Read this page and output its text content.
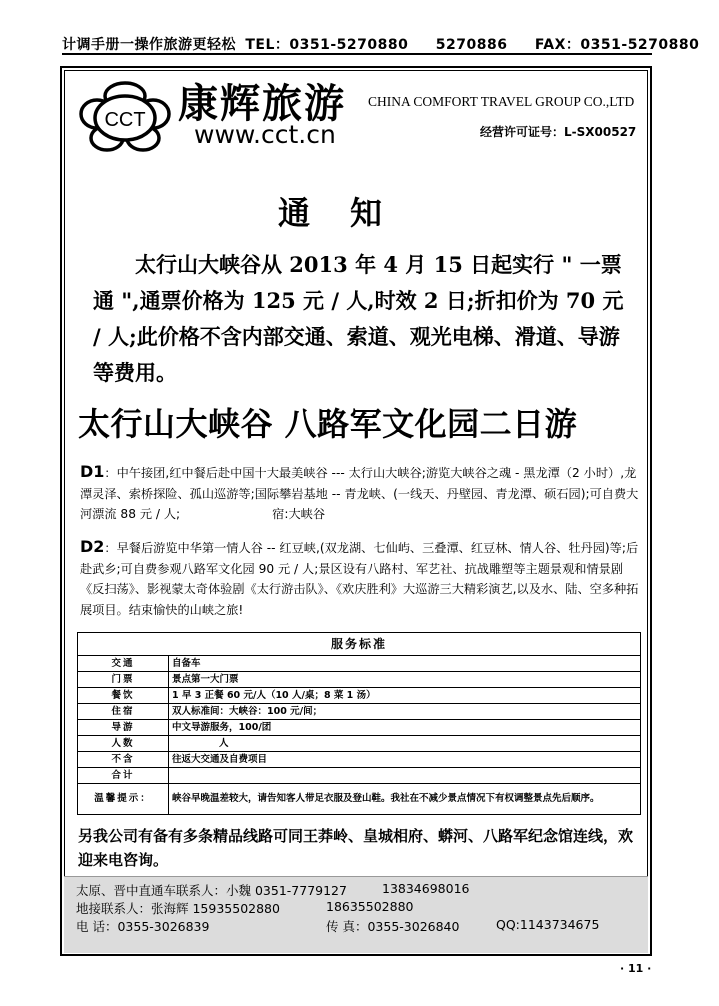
计调手册一操作旅游更轻松 TEL：0351-5270880 5270886 FAX：0351-5270880
CCT 康辉旅游
www.cct.cn
CHINA COMFORT TRAVEL GROUP CO.,LTD
经营许可证号：L-SX00527
通知
太行山大峡谷从 2013 年 4 月 15 日起实行 " 一票通 ",通票价格为 125 元 / 人,时效 2 日;折扣价为 70 元 / 人;此价格不含内部交通、索道、观光电梯、滑道、导游等费用。
太行山大峡谷 八路军文化园二日游
D1：中午接团,红中餐后赴中国十大最美峡谷 --- 太行山大峡谷;游览大峡谷之魂 - 黑龙潭（2 小时）,龙潭灵泽、索桥探险、孤山巡游等;国际攀岩基地 -- 青龙峡、(一线天、丹壁园、青龙潭、硕石园);可自费大河漂流 88 元 / 人;	宿:大峡谷
D2：早餐后游览中华第一情人谷 -- 红豆峡,(双龙湖、七仙屿、三叠潭、红豆林、情人谷、牡丹园)等;后赴武乡;可自费参观八路军文化园 90 元 / 人;景区设有八路村、军艺社、抗战雕塑等主题景观和情景剧《反扫荡》、影视蒙太奇体验剧《太行游击队》、《欢庆胜利》大巡游三大精彩演艺,以及水、陆、空多种拓展项目。结束愉快的山峡之旅!
服务标准	
交通	自备车
门票	景点第一大门票
餐饮	1 早 3 正餐 60 元/人（10 人/桌；8 菜 1 汤）
住宿	双人标准间：大峡谷：100 元/间；
导游	中文导游服务，100/团
人数	人
不含	往返大交通及自费项目
合计	
温馨提示：	峡谷早晚温差较大，请告知客人带足衣服及登山鞋。我社在不减少景点情况下有权调整景点先后顺序。
另我公司有备有多条精品线路可同王莽岭、皇城相府、蟒河、八路军纪念馆连线，欢迎来电咨询。
太原、晋中直通车联系人：小魏 0351-7779127	13834698016
地接联系人：张海辉 15935502880	18635502880
电 话：0355-3026839	传 真：0355-3026840	QQ:1143734675
· 11 ·
